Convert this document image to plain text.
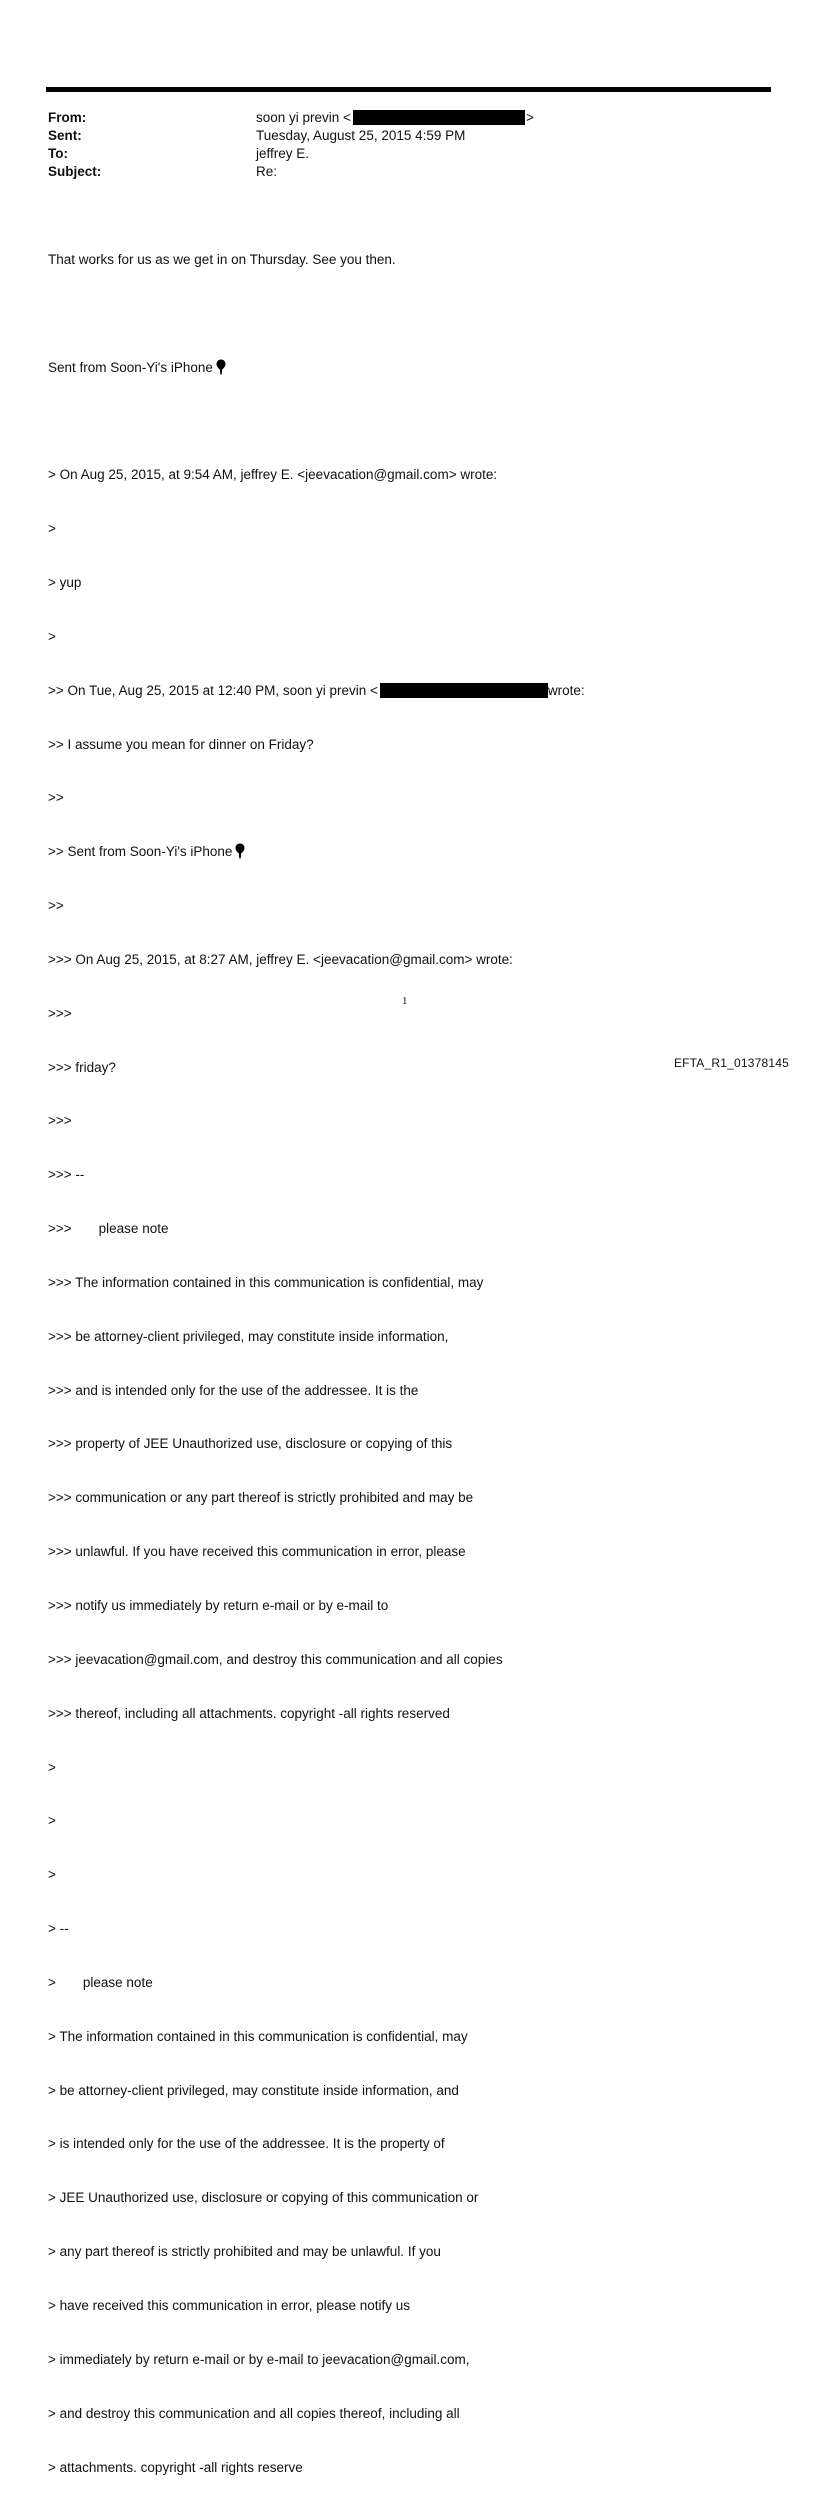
From:	soon yi previn <	>
Sent:	Tuesday, August 25, 2015 4:59 PM
To:	jeffrey E.
Subject:	Re:

That works for us as we get in on Thursday. See you then.

Sent from Soon-Yi's iPhone

> On Aug 25, 2015, at 9:54 AM, jeffrey E. <jeevacation@gmail.com> wrote:

>

> yup

>

>> On Tue, Aug 25, 2015 at 12:40 PM, soon yi previn <	wrote:

>> I assume you mean for dinner on Friday?

>>

>> Sent from Soon-Yi's iPhone

>>

>>> On Aug 25, 2015, at 8:27 AM, jeffrey E. <jeevacation@gmail.com> wrote:

>>>

>>> friday?

>>>

>>> --

>>> please note

>>> The information contained in this communication is confidential, may

>>> be attorney-client privileged, may constitute inside information,

>>> and is intended only for the use of the addressee. It is the

>>> property of JEE Unauthorized use, disclosure or copying of this

>>> communication or any part thereof is strictly prohibited and may be

>>> unlawful. If you have received this communication in error, please

>>> notify us immediately by return e-mail or by e-mail to

>>> jeevacation@gmail.com, and destroy this communication and all copies

>>> thereof, including all attachments. copyright -all rights reserved

>

>

>

> --

> please note

> The information contained in this communication is confidential, may

> be attorney-client privileged, may constitute inside information, and

> is intended only for the use of the addressee. It is the property of

> JEE Unauthorized use, disclosure or copying of this communication or

> any part thereof is strictly prohibited and may be unlawful. If you

> have received this communication in error, please notify us

> immediately by return e-mail or by e-mail to jeevacation@gmail.com,

> and destroy this communication and all copies thereof, including all

> attachments. copyright -all rights reserve

1
EFTA_R1_01378145
